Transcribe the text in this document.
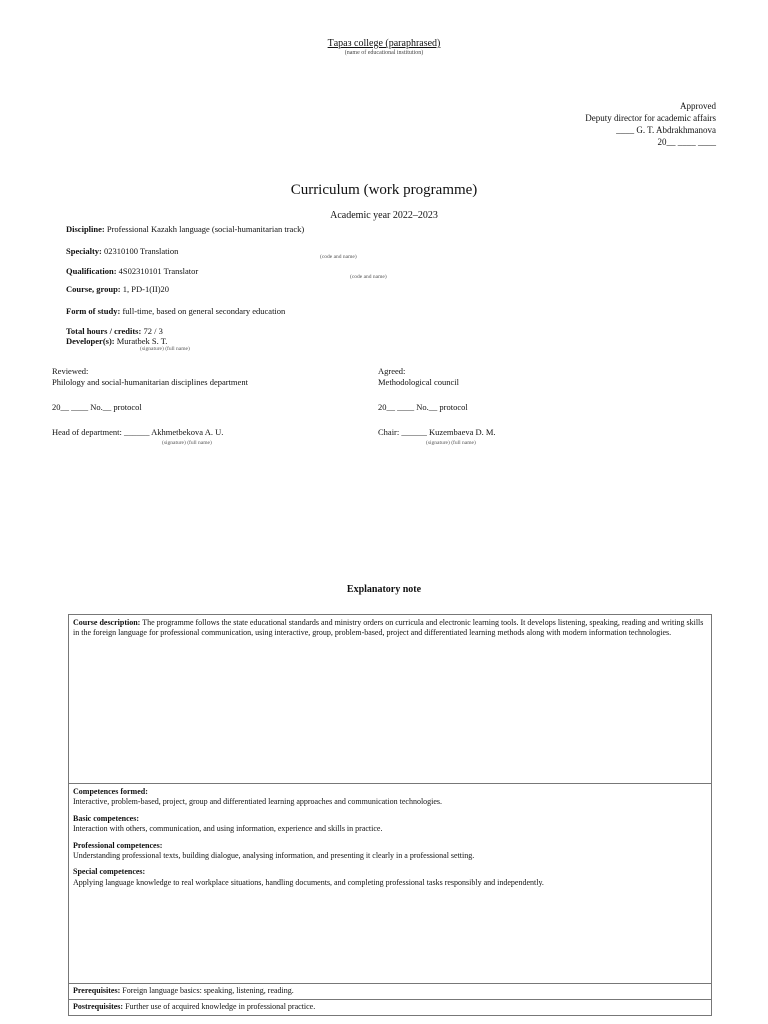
Tараз college (paraphrased)
(name of educational institution)
Approved
Deputy director for academic affairs
____ G. T. Abdrakhmanova
20__ ____ ____
Curriculum (work programme)
Academic year 2022–2023
Discipline: Professional Kazakh language (social-humanitarian track)
Specialty: 02310100 Translation
(code and name)
Qualification: 4S02310101 Translator
(code and name)
Course, group: 1, PD-1(II)20
Form of study: full-time, based on general secondary education
Total hours / credits: 72 / 3
Developer(s): Muratbek S. T.
(signature) (full name)
Reviewed:
Philology and social-humanitarian disciplines department
20__ ____ No.__ protocol
Head of department: ______ Akhmetbekova A. U.
(signature) (full name)
Agreed:
Methodological council
20__ ____ No.__ protocol
Chair: ______ Kuzembaeva D. M.
(signature) (full name)
Explanatory note

Course description: The programme follows the state educational standards and ministry orders on curricula and electronic learning tools. It develops listening, speaking, reading and writing skills in the foreign language for professional communication, using interactive, group, problem-based, project and differentiated learning methods along with modern information technologies.

Competences formed:
Interactive, problem-based, project, group and differentiated learning approaches and communication technologies.

Basic competences:
Interaction with others, communication, and using information, experience and skills in practice.

Professional competences:
Understanding professional texts, building dialogue, analysing information, and presenting it clearly in a professional setting.

Special competences:
Applying language knowledge to real workplace situations, handling documents, and completing professional tasks responsibly and independently.

Prerequisites: Foreign language basics: speaking, listening, reading.
Postrequisites: Further use of acquired knowledge in professional practice.
